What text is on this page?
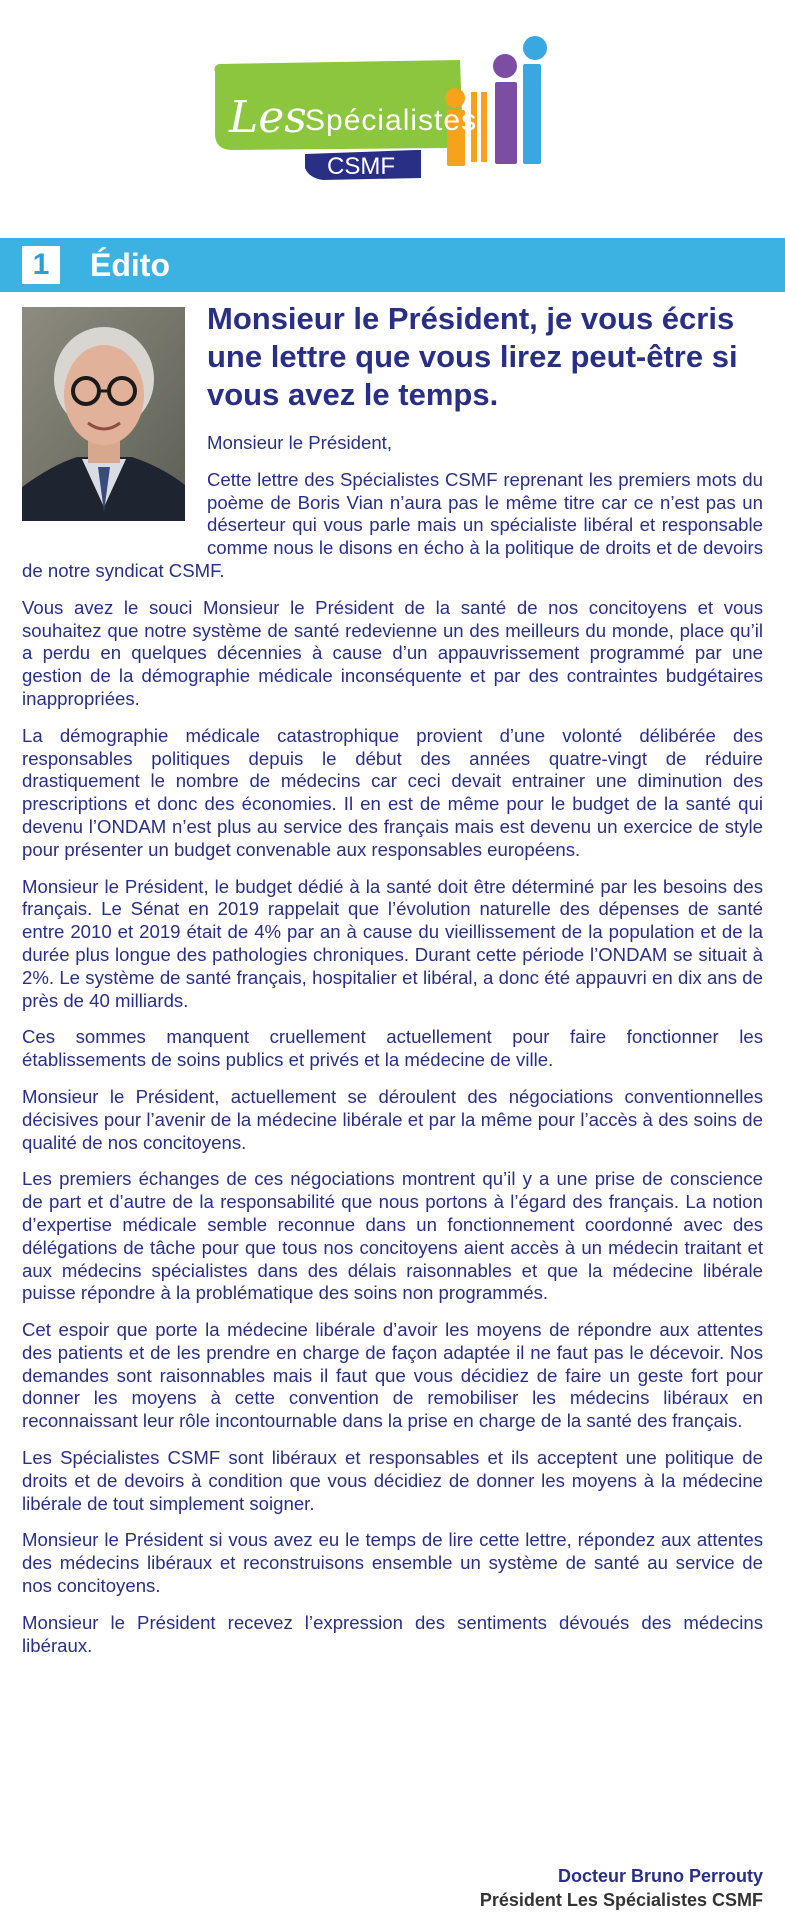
Les
Spécialistes
CSMF
1	Édito
Monsieur le Président, je vous écris une lettre que vous lirez peut-être si vous avez le temps.

Monsieur le Président,

Cette lettre des Spécialistes CSMF reprenant les premiers mots du poème de Boris Vian n’aura pas le même titre car ce n’est pas un déserteur qui vous parle mais un spécialiste libéral et responsable comme nous le disons en écho à la politique de droits et de devoirs de notre syndicat CSMF.

Vous avez le souci Monsieur le Président de la santé de nos concitoyens et vous souhaitez que notre système de santé redevienne un des meilleurs du monde, place qu’il a perdu en quelques décennies à cause d’un appauvrissement programmé par une gestion de la démographie médicale inconséquente et par des contraintes budgétaires inappropriées.

La démographie médicale catastrophique provient d’une volonté délibérée des responsables politiques depuis le début des années quatre-vingt de réduire drastiquement le nombre de médecins car ceci devait entrainer une diminution des prescriptions et donc des économies. Il en est de même pour le budget de la santé qui devenu l’ONDAM n’est plus au service des français mais est devenu un exercice de style pour présenter un budget convenable aux responsables européens.

Monsieur le Président, le budget dédié à la santé doit être déterminé par les besoins des français. Le Sénat en 2019 rappelait que l’évolution naturelle des dépenses de santé entre 2010 et 2019 était de 4% par an à cause du vieillissement de la population et de la durée plus longue des pathologies chroniques. Durant cette période l’ONDAM se situait à 2%. Le système de santé français, hospitalier et libéral, a donc été appauvri en dix ans de près de 40 milliards.

Ces sommes manquent cruellement actuellement pour faire fonctionner les établissements de soins publics et privés et la médecine de ville.

Monsieur le Président, actuellement se déroulent des négociations conventionnelles décisives pour l’avenir de la médecine libérale et par la même pour l’accès à des soins de qualité de nos concitoyens.

Les premiers échanges de ces négociations montrent qu’il y a une prise de conscience de part et d’autre de la responsabilité que nous portons à l’égard des français. La notion d’expertise médicale semble reconnue dans un fonctionnement coordonné avec des délégations de tâche pour que tous nos concitoyens aient accès à un médecin traitant et aux médecins spécialistes dans des délais raisonnables et que la médecine libérale puisse répondre à la problématique des soins non programmés.

Cet espoir que porte la médecine libérale d’avoir les moyens de répondre aux attentes des patients et de les prendre en charge de façon adaptée il ne faut pas le décevoir. Nos demandes sont raisonnables mais il faut que vous décidiez de faire un geste fort pour donner les moyens à cette convention de remobiliser les médecins libéraux en reconnaissant leur rôle incontournable dans la prise en charge de la santé des français.

Les Spécialistes CSMF sont libéraux et responsables et ils acceptent une politique de droits et de devoirs à condition que vous décidiez de donner les moyens à la médecine libérale de tout simplement soigner.

Monsieur le Président si vous avez eu le temps de lire cette lettre, répondez aux attentes des médecins libéraux et reconstruisons ensemble un système de santé au service de nos concitoyens.

Monsieur le Président recevez l’expression des sentiments dévoués des médecins libéraux.

Docteur Bruno Perrouty
Président Les Spécialistes CSMF
